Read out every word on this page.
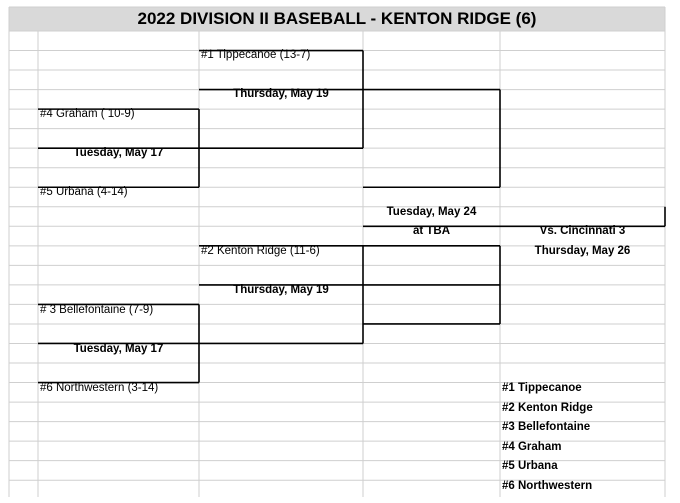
2022 DIVISION II BASEBALL - KENTON RIDGE (6)
#1 Tippecanoe (13-7)
Thursday, May 19
#4 Graham ( 10-9)
Tuesday, May 17
#5 Urbana (4-14)
Tuesday, May 24
at TBA	Vs. Cincinnati 3
Thursday, May 26
#2 Kenton Ridge (11-6)
Thursday, May 19
# 3 Bellefontaine (7-9)
Tuesday, May 17
#6 Northwestern (3-14)	#1 Tippecanoe
#2 Kenton Ridge
#3 Bellefontaine
#4 Graham
#5 Urbana
#6 Northwestern
